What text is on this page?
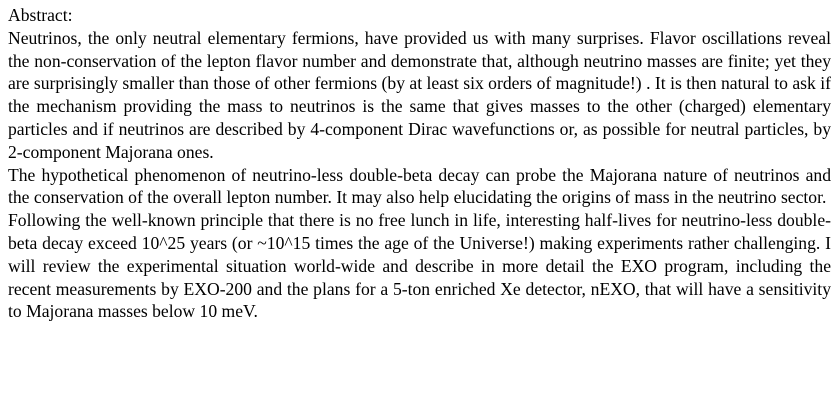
Abstract:

Neutrinos, the only neutral elementary fermions, have provided us with many surprises. Flavor oscillations reveal the non-conservation of the lepton flavor number and demonstrate that, although neutrino masses are finite; yet they are surprisingly smaller than those of other fermions (by at least six orders of magnitude!) . It is then natural to ask if the mechanism providing the mass to neutrinos is the same that gives masses to the other (charged) elementary particles and if neutrinos are described by 4-component Dirac wavefunctions or, as possible for neutral particles, by 2-component Majorana ones.

The hypothetical phenomenon of neutrino-less double-beta decay can probe the Majorana nature of neutrinos and the conservation of the overall lepton number. It may also help elucidating the origins of mass in the neutrino sector.

Following the well-known principle that there is no free lunch in life, interesting half-lives for neutrino-less double-beta decay exceed 10^25 years (or ~10^15 times the age of the Universe!) making experiments rather challenging. I will review the experimental situation world-wide and describe in more detail the EXO program, including the recent measurements by EXO-200 and the plans for a 5-ton enriched Xe detector, nEXO, that will have a sensitivity to Majorana masses below 10 meV.
